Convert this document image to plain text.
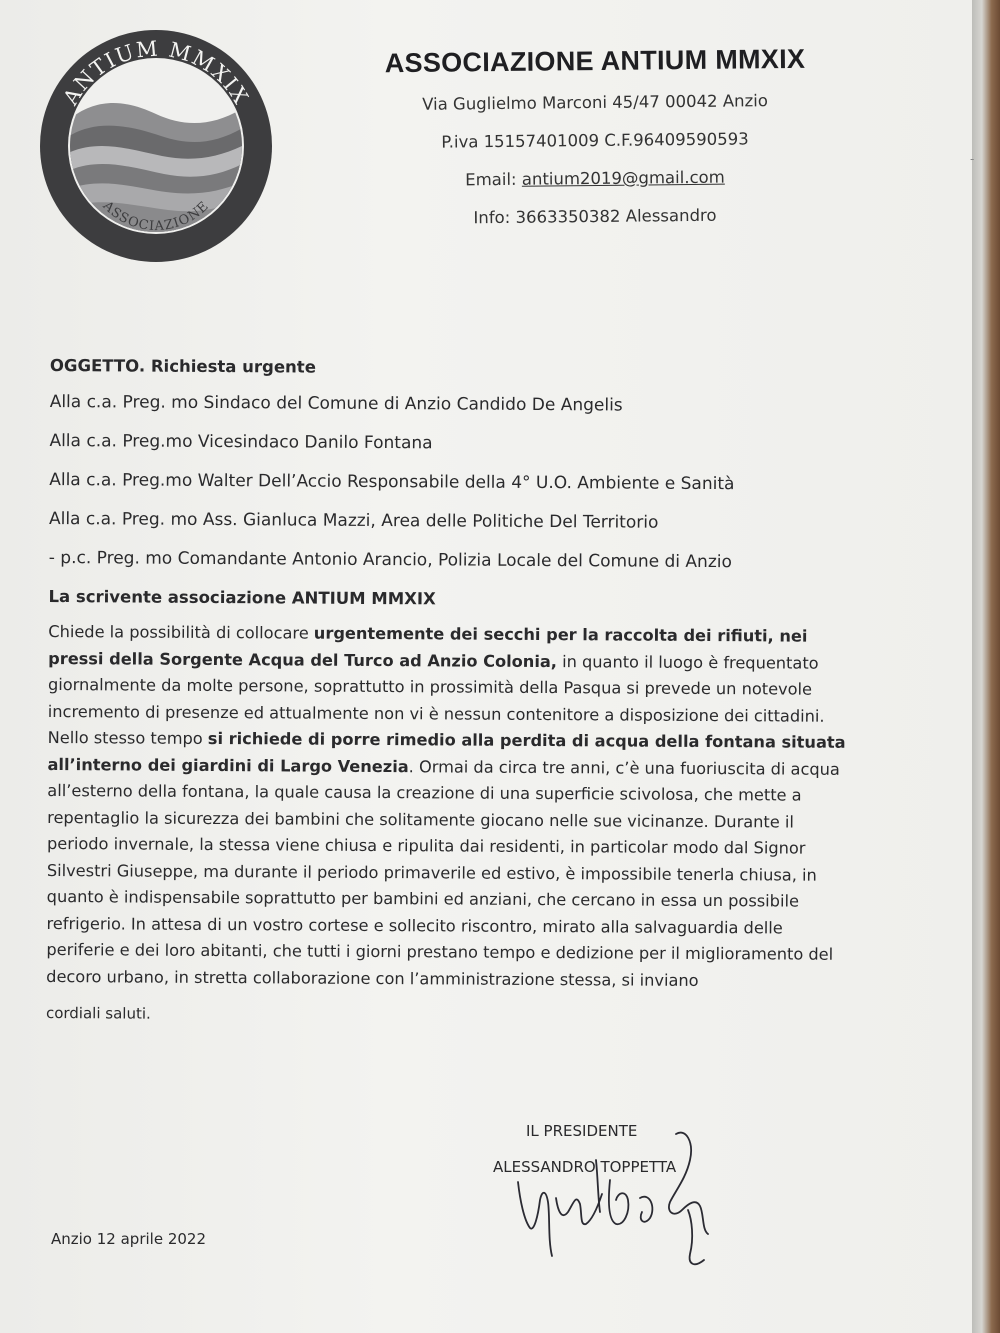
ANTIUM MMXIX
ASSOCIAZIONE
ASSOCIAZIONE ANTIUM MMXIX
Via Guglielmo Marconi 45/47 00042 Anzio
P.iva 15157401009 C.F.96409590593
Email: antium2019@gmail.com
Info: 3663350382 Alessandro
OGGETTO. Richiesta urgente
Alla c.a. Preg. mo Sindaco del Comune di Anzio Candido De Angelis
Alla c.a. Preg.mo Vicesindaco Danilo Fontana
Alla c.a. Preg.mo Walter Dell’Accio Responsabile della 4° U.O. Ambiente e Sanità
Alla c.a. Preg. mo Ass. Gianluca Mazzi, Area delle Politiche Del Territorio
- p.c. Preg. mo Comandante Antonio Arancio, Polizia Locale del Comune di Anzio
La scrivente associazione ANTIUM MMXIX

Chiede la possibilità di collocare urgentemente dei secchi per la raccolta dei rifiuti, nei pressi della Sorgente Acqua del Turco ad Anzio Colonia, in quanto il luogo è frequentato giornalmente da molte persone, soprattutto in prossimità della Pasqua si prevede un notevole incremento di presenze ed attualmente non vi è nessun contenitore a disposizione dei cittadini. Nello stesso tempo si richiede di porre rimedio alla perdita di acqua della fontana situata all’interno dei giardini di Largo Venezia. Ormai da circa tre anni, c’è una fuoriuscita di acqua all’esterno della fontana, la quale causa la creazione di una superficie scivolosa, che mette a repentaglio la sicurezza dei bambini che solitamente giocano nelle sue vicinanze. Durante il periodo invernale, la stessa viene chiusa e ripulita dai residenti, in particolar modo dal Signor Silvestri Giuseppe, ma durante il periodo primaverile ed estivo, è impossibile tenerla chiusa, in quanto è indispensabile soprattutto per bambini ed anziani, che cercano in essa un possibile refrigerio. In attesa di un vostro cortese e sollecito riscontro, mirato alla salvaguardia delle periferie e dei loro abitanti, che tutti i giorni prestano tempo e dedizione per il miglioramento del decoro urbano, in stretta collaborazione con l’amministrazione stessa, si inviano

cordiali saluti.
IL PRESIDENTE
ALESSANDRO TOPPETTA
Anzio 12 aprile 2022
‐
